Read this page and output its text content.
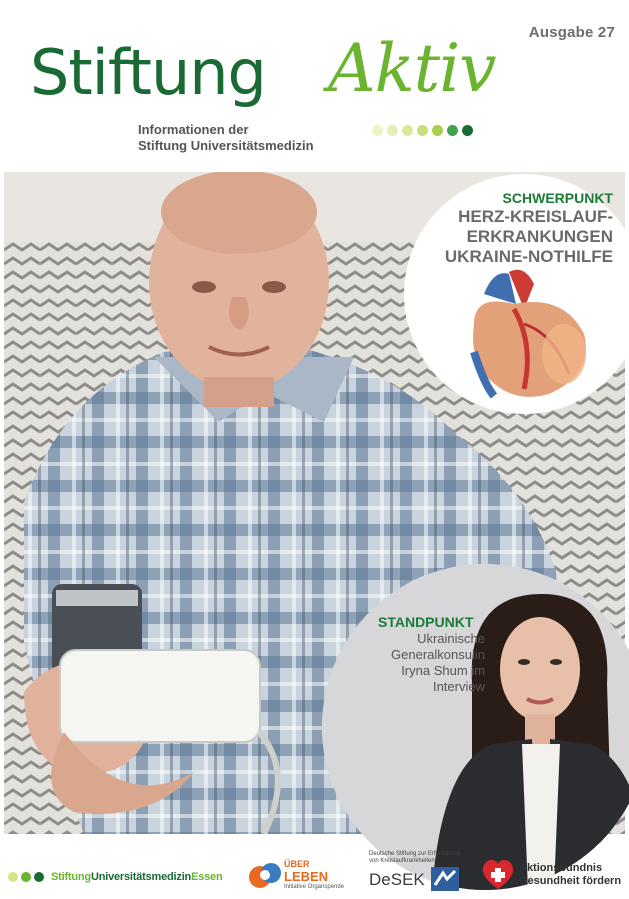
Ausgabe 27
Stiftung Aktiv
Informationen der
Stiftung Universitätsmedizin
SCHWERPUNKT
HERZ-KREISLAUF-
ERKRANKUNGEN
UKRAINE-NOTHILFE
STANDPUNKT
Ukrainische
Generalkonsulin
Iryna Shum im
Interview
StiftungUniversitätsmedizinEssen
ÜBER
LEBEN
Initiative Organspende
Deutsche Stiftung zur Erforschung von Kreislaufkrankheiten
DeSEK
Aktionsbündnis
Gesundheit fördern
